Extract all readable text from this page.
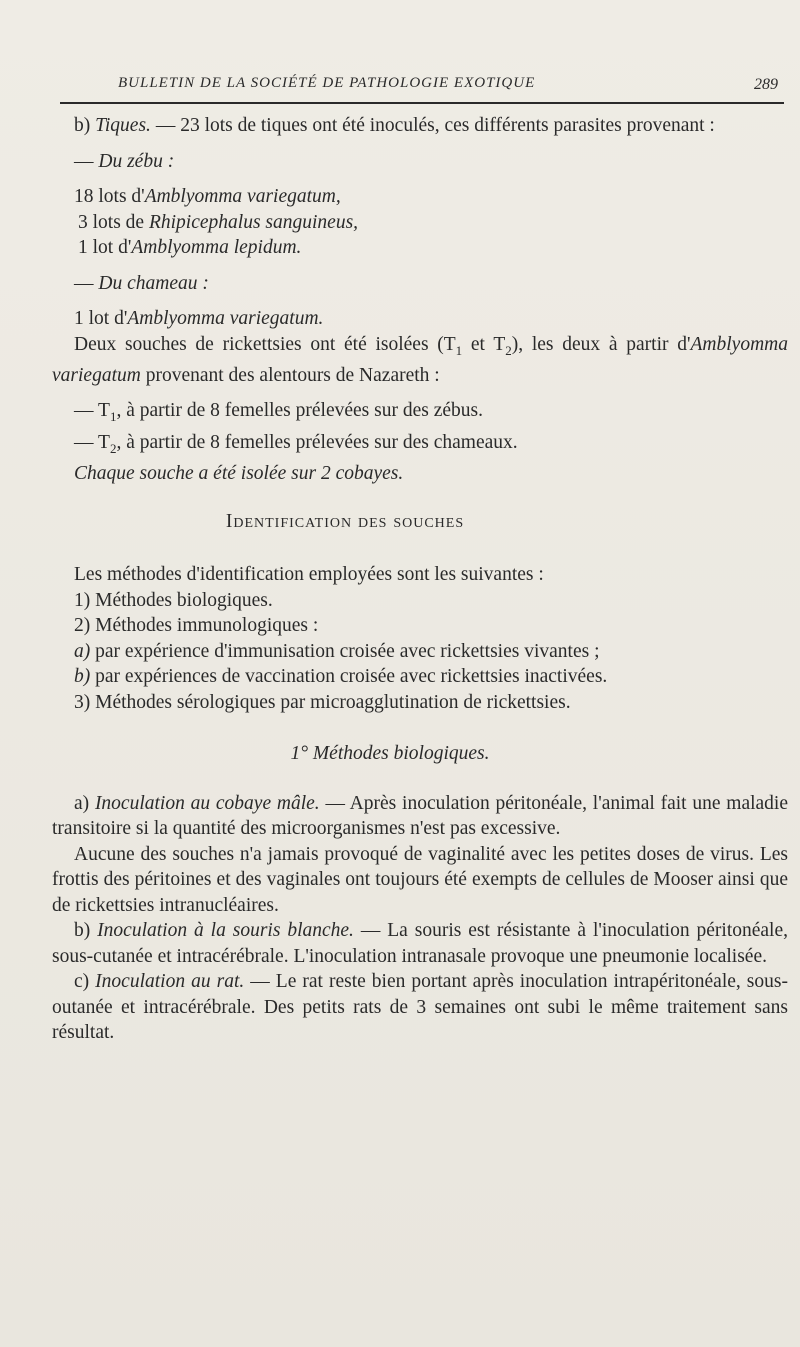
BULLETIN DE LA SOCIÉTÉ DE PATHOLOGIE EXOTIQUE	289

b) Tiques. — 23 lots de tiques ont été inoculés, ces différents parasites provenant :

— Du zébu :

18 lots d'Amblyomma variegatum,

3 lots de Rhipicephalus sanguineus,

1 lot d'Amblyomma lepidum.

— Du chameau :

1 lot d'Amblyomma variegatum.

Deux souches de rickettsies ont été isolées ($T_1$ et $T_2$), les deux à partir d'Amblyomma variegatum provenant des alentours de Nazareth :

— $T_1$, à partir de 8 femelles prélevées sur des zébus.

— $T_2$, à partir de 8 femelles prélevées sur des chameaux.

Chaque souche a été isolée sur 2 cobayes.

Identification des souches

Les méthodes d'identification employées sont les suivantes :

1) Méthodes biologiques.

2) Méthodes immunologiques :

a) par expérience d'immunisation croisée avec rickettsies vivantes ;

b) par expériences de vaccination croisée avec rickettsies inactivées.

3) Méthodes sérologiques par microagglutination de rickettsies.

1° Méthodes biologiques.

a) Inoculation au cobaye mâle. — Après inoculation péritonéale, l'animal fait une maladie transitoire si la quantité des microorganismes n'est pas excessive.

Aucune des souches n'a jamais provoqué de vaginalité avec les petites doses de virus. Les frottis des péritoines et des vaginales ont toujours été exempts de cellules de Mooser ainsi que de rickettsies intranucléaires.

b) Inoculation à la souris blanche. — La souris est résistante à l'inoculation péritonéale, sous-cutanée et intracérébrale. L'inoculation intranasale provoque une pneumonie localisée.

c) Inoculation au rat. — Le rat reste bien portant après inoculation intrapéritonéale, sous-outanée et intracérébrale. Des petits rats de 3 semaines ont subi le même traitement sans résultat.
